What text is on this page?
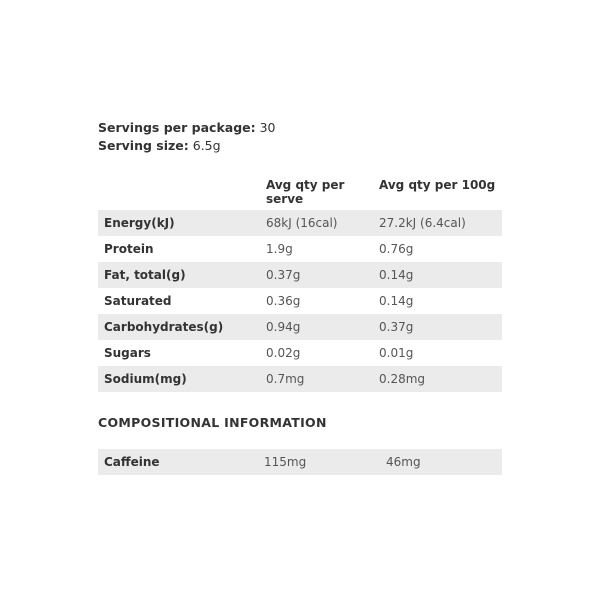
Servings per package: 30
Serving size: 6.5g
	Avg qty per serve	Avg qty per 100g
Energy(kJ)	68kJ (16cal)	27.2kJ (6.4cal)
Protein	1.9g	0.76g
Fat, total(g)	0.37g	0.14g
Saturated	0.36g	0.14g
Carbohydrates(g)	0.94g	0.37g
Sugars	0.02g	0.01g
Sodium(mg)	0.7mg	0.28mg
COMPOSITIONAL INFORMATION
Caffeine	115mg	46mg
